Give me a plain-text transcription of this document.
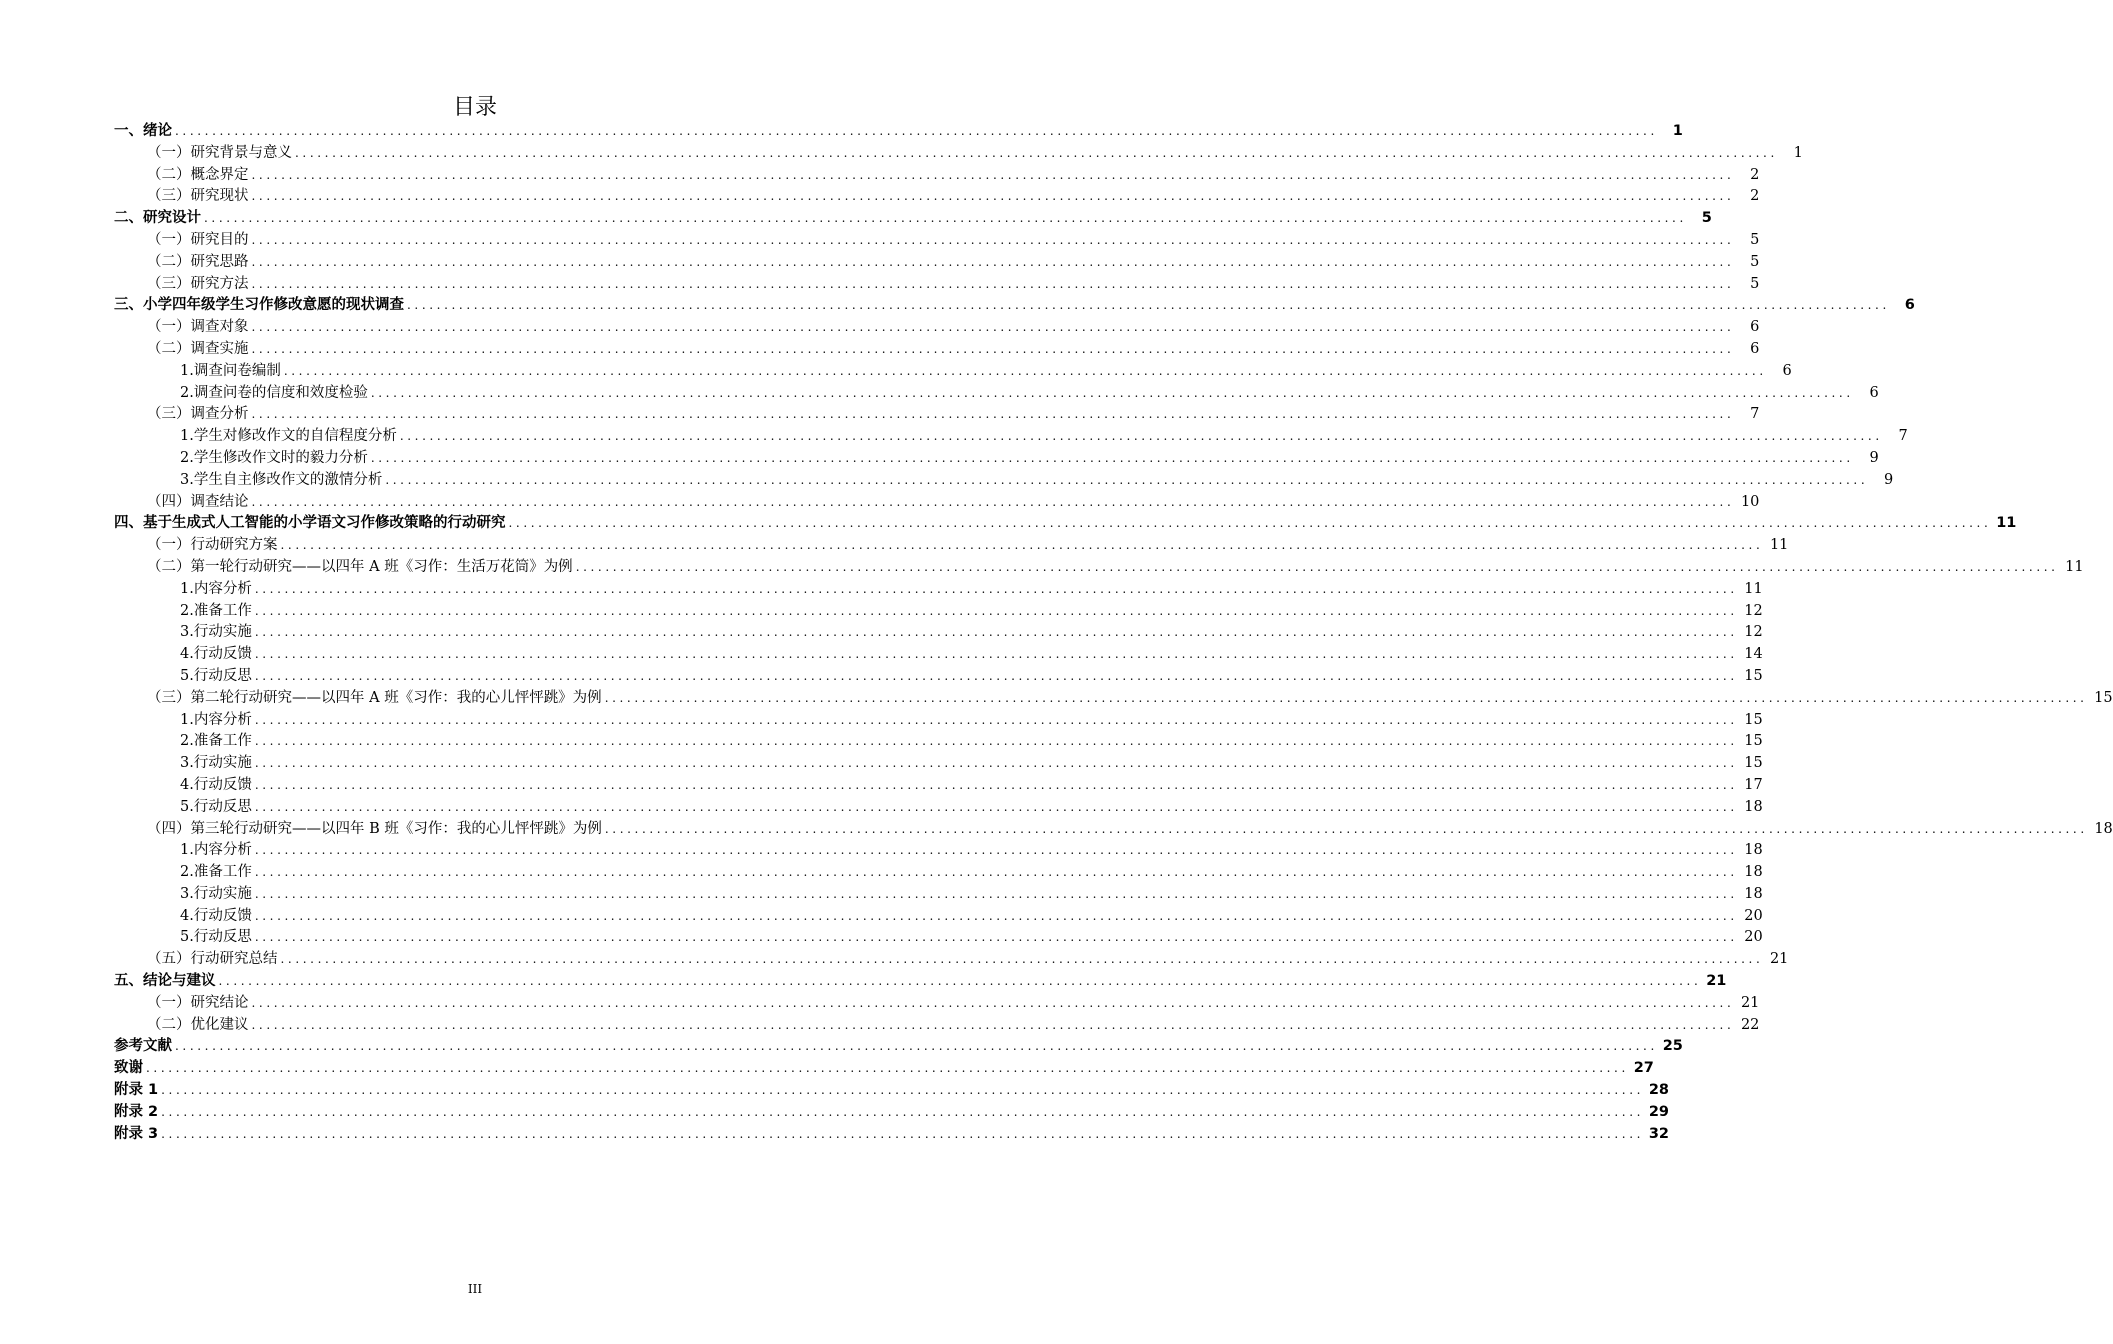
目录
一、绪论 ........................................................................................................................................................................................................	1
（一）研究背景与意义 ........................................................................................................................................................................................................	1
（二）概念界定 ........................................................................................................................................................................................................	2
（三）研究现状 ........................................................................................................................................................................................................	2
二、研究设计 ........................................................................................................................................................................................................	5
（一）研究目的 ........................................................................................................................................................................................................	5
（二）研究思路 ........................................................................................................................................................................................................	5
（三）研究方法 ........................................................................................................................................................................................................	5
三、小学四年级学生习作修改意愿的现状调查 ........................................................................................................................................................................................................	6
（一）调查对象 ........................................................................................................................................................................................................	6
（二）调查实施 ........................................................................................................................................................................................................	6
1.调查问卷编制 ........................................................................................................................................................................................................	6
2.调查问卷的信度和效度检验 ........................................................................................................................................................................................................	6
（三）调查分析 ........................................................................................................................................................................................................	7
1.学生对修改作文的自信程度分析 ........................................................................................................................................................................................................	7
2.学生修改作文时的毅力分析 ........................................................................................................................................................................................................	9
3.学生自主修改作文的激情分析 ........................................................................................................................................................................................................	9
（四）调查结论 ........................................................................................................................................................................................................ 10
四、基于生成式人工智能的小学语文习作修改策略的行动研究 ........................................................................................................................................................................................................ 11
（一）行动研究方案 ........................................................................................................................................................................................................ 11
（二）第一轮行动研究——以四年 A 班《习作：生活万花筒》为例 ........................................................................................................................................................................................................ 11
1.内容分析 ........................................................................................................................................................................................................ 11
2.准备工作 ........................................................................................................................................................................................................ 12
3.行动实施 ........................................................................................................................................................................................................ 12
4.行动反馈 ........................................................................................................................................................................................................ 14
5.行动反思 ........................................................................................................................................................................................................ 15
（三）第二轮行动研究——以四年 A 班《习作：我的心儿怦怦跳》为例 ........................................................................................................................................................................................................ 15
1.内容分析 ........................................................................................................................................................................................................ 15
2.准备工作 ........................................................................................................................................................................................................ 15
3.行动实施 ........................................................................................................................................................................................................ 15
4.行动反馈 ........................................................................................................................................................................................................ 17
5.行动反思 ........................................................................................................................................................................................................ 18
（四）第三轮行动研究——以四年 B 班《习作：我的心儿怦怦跳》为例 ........................................................................................................................................................................................................ 18
1.内容分析 ........................................................................................................................................................................................................ 18
2.准备工作 ........................................................................................................................................................................................................ 18
3.行动实施 ........................................................................................................................................................................................................ 18
4.行动反馈 ........................................................................................................................................................................................................ 20
5.行动反思 ........................................................................................................................................................................................................ 20
（五）行动研究总结 ........................................................................................................................................................................................................ 21
五、结论与建议 ........................................................................................................................................................................................................ 21
（一）研究结论 ........................................................................................................................................................................................................ 21
（二）优化建议 ........................................................................................................................................................................................................ 22
参考文献 ........................................................................................................................................................................................................ 25
致谢 ........................................................................................................................................................................................................ 27
附录 1 ........................................................................................................................................................................................................ 28
附录 2 ........................................................................................................................................................................................................ 29
附录 3 ........................................................................................................................................................................................................ 32
III
